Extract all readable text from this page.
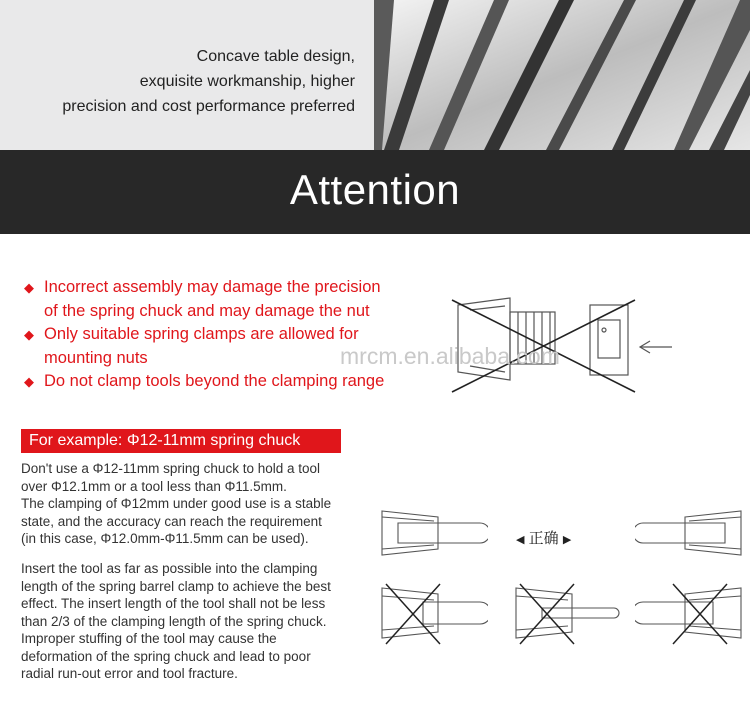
Concave table design,
exquisite workmanship, higher
precision and cost performance preferred
Attention
◆ Incorrect assembly may damage the precision
of the spring chuck and may damage the nut
◆ Only suitable spring clamps are allowed for
mounting nuts
◆ Do not clamp tools beyond the clamping range
mrcm.en.alibaba.com
For example: Φ12-11mm spring chuck
Don't use a Φ12-11mm spring chuck to hold a tool
over Φ12.1mm or a tool less than Φ11.5mm.
The clamping of Φ12mm under good use is a stable
state, and the accuracy can reach the requirement
(in this case, Φ12.0mm-Φ11.5mm can be used).
Insert the tool as far as possible into the clamping
length of the spring barrel clamp to achieve the best
effect. The insert length of the tool shall not be less
than 2/3 of the clamping length of the spring chuck.
Improper stuffing of the tool may cause the
deformation of the spring chuck and lead to poor
radial run-out error and tool fracture.
◀ 正确 ▶
